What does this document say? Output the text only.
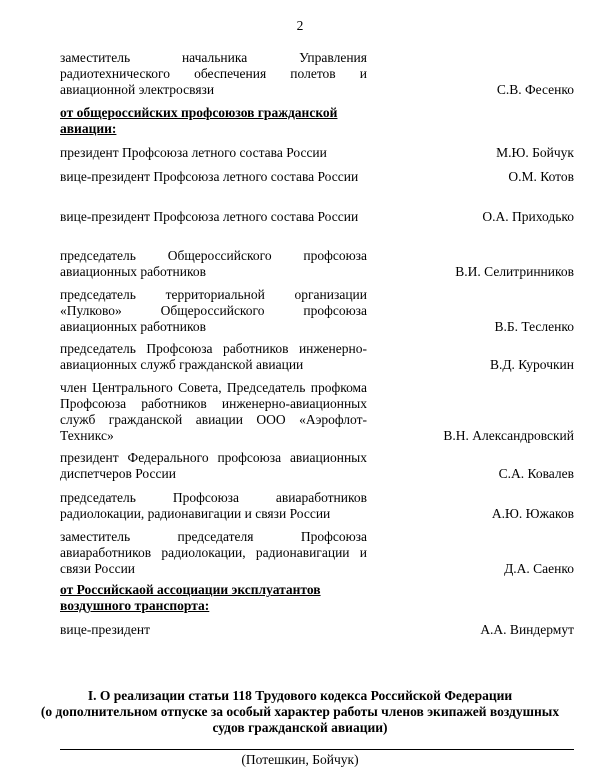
2
заместитель начальника Управления радиотехнического обеспечения полетов и авиационной электросвязи	С.В. Фесенко
от общероссийских профсоюзов гражданской авиации:
президент Профсоюза летного состава России	М.Ю. Бойчук
вице-президент Профсоюза летного состава России	О.М. Котов
вице-президент Профсоюза летного состава России	О.А. Приходько
председатель Общероссийского профсоюза авиационных работников	В.И. Селитринников
председатель территориальной организации «Пулково» Общероссийского профсоюза авиационных работников	В.Б. Тесленко
председатель Профсоюза работников инженерно-авиационных служб гражданской авиации	В.Д. Курочкин
член Центрального Совета, Председатель профкома Профсоюза работников инженерно-авиационных служб гражданской авиации ООО «Аэрофлот-Техникс»	В.Н. Александровский
президент Федерального профсоюза авиационных диспетчеров России	С.А. Ковалев
председатель Профсоюза авиаработников радиолокации, радионавигации и связи России	А.Ю. Южаков
заместитель председателя Профсоюза авиаработников радиолокации, радионавигации и связи России	Д.А. Саенко
от Российскаой ассоциации эксплуатантов воздушного транспорта:
вице-президент	А.А. Виндермут
I. О реализации статьи 118 Трудового кодекса Российской Федерации
(о дополнительном отпуске за особый характер работы членов экипажей воздушных судов гражданской авиации)
(Потешкин, Бойчук)
